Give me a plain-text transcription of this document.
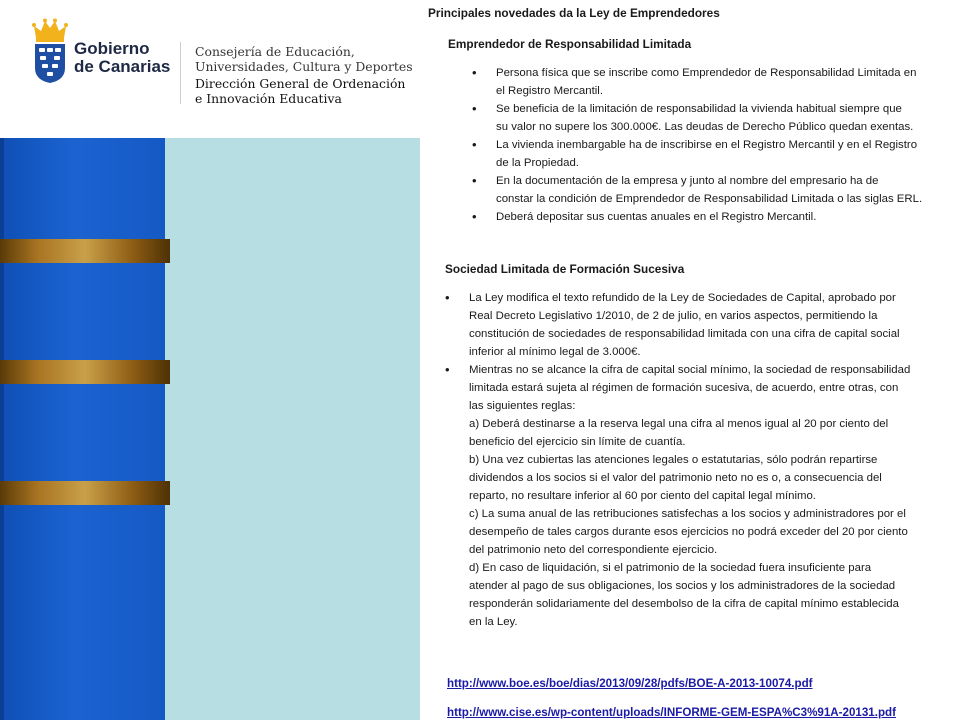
Gobierno
de Canarias
Consejería de Educación,
Universidades, Cultura y Deportes
Dirección General de Ordenación
e Innovación Educativa
Principales novedades da la Ley de Emprendedores
Emprendedor de Responsabilidad Limitada
• Persona física que se inscribe como Emprendedor de Responsabilidad Limitada en
el Registro Mercantil.
• Se beneficia de la limitación de responsabilidad la vivienda habitual siempre que
su valor no supere los 300.000€. Las deudas de Derecho Público quedan exentas.
• La vivienda inembargable ha de inscribirse en el Registro Mercantil y en el Registro
de la Propiedad.
• En la documentación de la empresa y junto al nombre del empresario ha de
constar la condición de Emprendedor de Responsabilidad Limitada o las siglas ERL.
• Deberá depositar sus cuentas anuales en el Registro Mercantil.
Sociedad Limitada de Formación Sucesiva
• La Ley modifica el texto refundido de la Ley de Sociedades de Capital, aprobado por
Real Decreto Legislativo 1/2010, de 2 de julio, en varios aspectos, permitiendo la
constitución de sociedades de responsabilidad limitada con una cifra de capital social
inferior al mínimo legal de 3.000€.
• Mientras no se alcance la cifra de capital social mínimo, la sociedad de responsabilidad
limitada estará sujeta al régimen de formación sucesiva, de acuerdo, entre otras, con
las siguientes reglas:
a) Deberá destinarse a la reserva legal una cifra al menos igual al 20 por ciento del
beneficio del ejercicio sin límite de cuantía.
b) Una vez cubiertas las atenciones legales o estatutarias, sólo podrán repartirse
dividendos a los socios si el valor del patrimonio neto no es o, a consecuencia del
reparto, no resultare inferior al 60 por ciento del capital legal mínimo.
c) La suma anual de las retribuciones satisfechas a los socios y administradores por el
desempeño de tales cargos durante esos ejercicios no podrá exceder del 20 por ciento
del patrimonio neto del correspondiente ejercicio.
d) En caso de liquidación, si el patrimonio de la sociedad fuera insuficiente para
atender al pago de sus obligaciones, los socios y los administradores de la sociedad
responderán solidariamente del desembolso de la cifra de capital mínimo establecida
en la Ley.
http://www.boe.es/boe/dias/2013/09/28/pdfs/BOE-A-2013-10074.pdf
http://www.cise.es/wp-content/uploads/INFORME-GEM-ESPA%C3%91A-20131.pdf
